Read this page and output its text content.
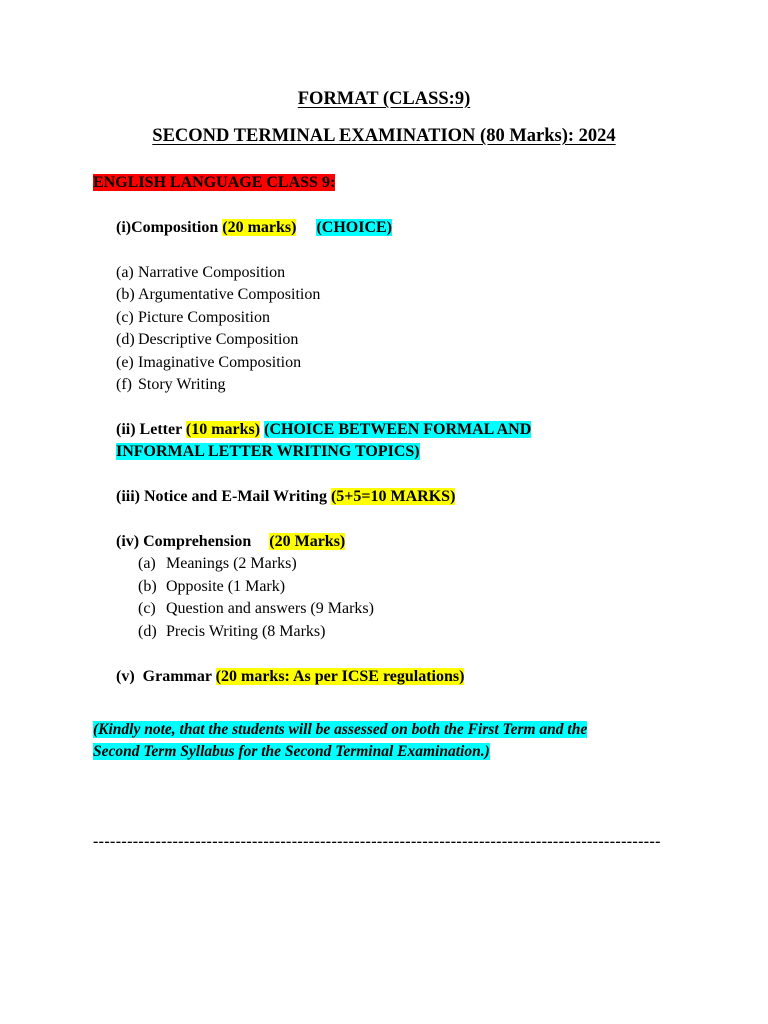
FORMAT (CLASS:9)
SECOND TERMINAL EXAMINATION (80 Marks): 2024
ENGLISH LANGUAGE CLASS 9:
(i)Composition (20 marks) (CHOICE)
(a) Narrative Composition
(b) Argumentative Composition
(c) Picture Composition
(d) Descriptive Composition
(e) Imaginative Composition
(f) Story Writing
(ii) Letter (10 marks) (CHOICE BETWEEN FORMAL AND
INFORMAL LETTER WRITING TOPICS)
(iii) Notice and E-Mail Writing (5+5=10 MARKS)
(iv) Comprehension (20 Marks)
(a) Meanings (2 Marks)
(b) Opposite (1 Mark)
(c) Question and answers (9 Marks)
(d) Precis Writing (8 Marks)
(v)  Grammar (20 marks: As per ICSE regulations)
(Kindly note, that the students will be assessed on both the First Term and the
Second Term Syllabus for the Second Terminal Examination.)
----------------------------------------------------------------------------------------------------
